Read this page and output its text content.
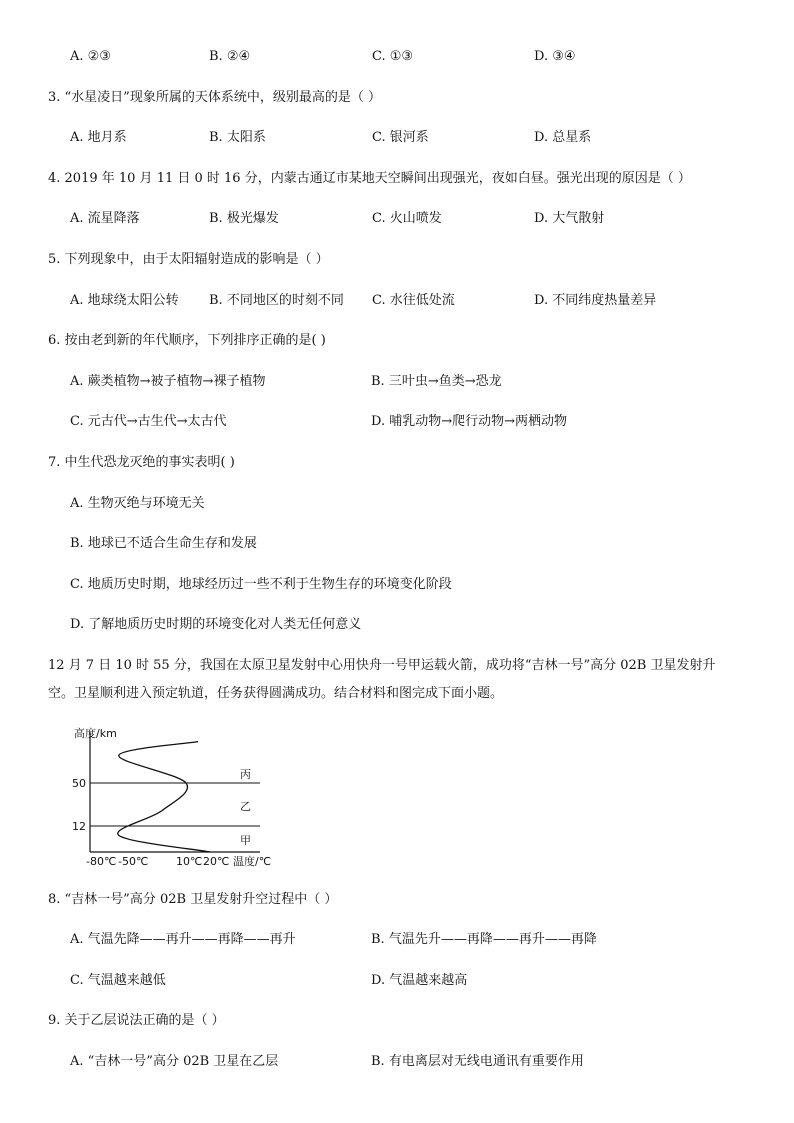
A. ②③	B. ②④	C. ①③	D. ③④
3. “水星凌日”现象所属的天体系统中，级别最高的是（ ）
A. 地月系	B. 太阳系	C. 银河系	D. 总星系
4. 2019 年 10 月 11 日 0 时 16 分，内蒙古通辽市某地天空瞬间出现强光，夜如白昼。强光出现的原因是（ ）
A. 流星降落	B. 极光爆发	C. 火山喷发	D. 大气散射
5. 下列现象中，由于太阳辐射造成的影响是（ ）
A. 地球绕太阳公转 B. 不同地区的时刻不同 C. 水往低处流	D. 不同纬度热量差异
6. 按由老到新的年代顺序，下列排序正确的是( )
A. 蕨类植物→被子植物→裸子植物	B. 三叶虫→鱼类→恐龙
C. 元古代→古生代→太古代	D. 哺乳动物→爬行动物→两栖动物
7. 中生代恐龙灭绝的事实表明( )
A. 生物灭绝与环境无关
B. 地球已不适合生命生存和发展
C. 地质历史时期，地球经历过一些不利于生物生存的环境变化阶段
D. 了解地质历史时期的环境变化对人类无任何意义
12 月 7 日 10 时 55 分，我国在太原卫星发射中心用快舟一号甲运载火箭，成功将“吉林一号”高分 02B 卫星发射升
空。卫星顺利进入预定轨道，任务获得圆满成功。结合材料和图完成下面小题。
高度/km
50
12
-80℃ -50℃	10℃ 20℃ 温度/℃
丙
乙
甲
8. “吉林一号”高分 02B 卫星发射升空过程中（ ）
A. 气温先降——再升——再降——再升	B. 气温先升——再降——再升——再降
C. 气温越来越低	D. 气温越来越高
9. 关于乙层说法正确的是（ ）
A. “吉林一号”高分 02B 卫星在乙层	B. 有电离层对无线电通讯有重要作用
